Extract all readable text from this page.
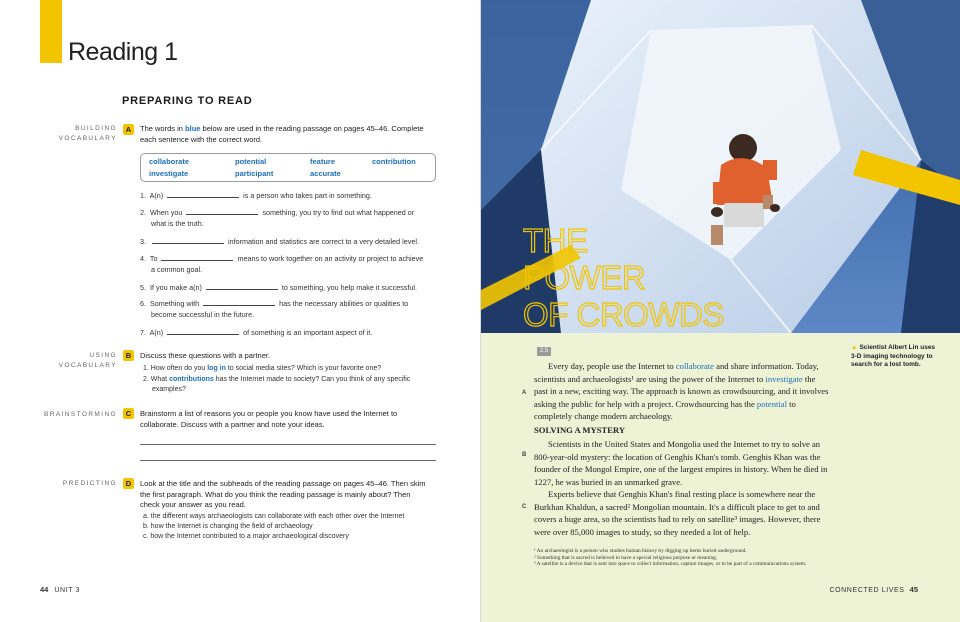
Reading 1
PREPARING TO READ
BUILDING
VOCABULARY
A	The words in blue below are used in the reading passage on pages 45–46. Complete
each sentence with the correct word.
collaborate	potential	feature	contribution
investigate	participant	accurate
1. A(n)	is a person who takes part in something.
2. When you	something, you try to find out what happened or
what is the truth.
3.	information and statistics are correct to a very detailed level.
4. To	means to work together on an activity or project to achieve
a common goal.
5. If you make a(n)	to something, you help make it successful.
6. Something with	has the necessary abilities or qualities to
become successful in the future.
7. A(n)	of something is an important aspect of it.
USING
VOCABULARY
B	Discuss these questions with a partner.
1. How often do you log in to social media sites? Which is your favorite one?
2. What contributions has the Internet made to society? Can you think of any specific
examples?
BRAINSTORMING	C	Brainstorm a list of reasons you or people you know have used the Internet to
collaborate. Discuss with a partner and note your ideas.
PREDICTING	D	Look at the title and the subheads of the reading passage on pages 45–46. Then skim
the first paragraph. What do you think the reading passage is mainly about? Then
check your answer as you read.
a. the different ways archaeologists can collaborate with each other over the Internet
b. how the Internet is changing the field of archaeology
c. how the Internet contributed to a major archaeological discovery
44 UNIT 3
THE
POWER
OF CROWDS
▲ Scientist Albert Lin uses 3-D imaging technology to search for a lost tomb.
2.5
A
B
C
Every day, people use the Internet to collaborate and share information. Today, scientists and archaeologists¹ are using the power of the Internet to investigate the past in a new, exciting way. The approach is known as crowdsourcing, and it involves asking the public for help with a project. Crowdsourcing has the potential to completely change modern archaeology.
SOLVING A MYSTERY
Scientists in the United States and Mongolia used the Internet to try to solve an 800-year-old mystery: the location of Genghis Khan's tomb. Genghis Khan was the founder of the Mongol Empire, one of the largest empires in history. When he died in 1227, he was buried in an unmarked grave.
Experts believe that Genghis Khan's final resting place is somewhere near the Burkhan Khaldun, a sacred² Mongolian mountain. It's a difficult place to get to and covers a huge area, so the scientists had to rely on satellite³ images. However, there were over 85,000 images to study, so they needed a lot of help.
¹ An archaeologist is a person who studies human history by digging up items buried underground.
² Something that is sacred is believed to have a special religious purpose or meaning.
³ A satellite is a device that is sent into space to collect information, capture images, or to be part of a communications system.
CONNECTED LIVES 45
